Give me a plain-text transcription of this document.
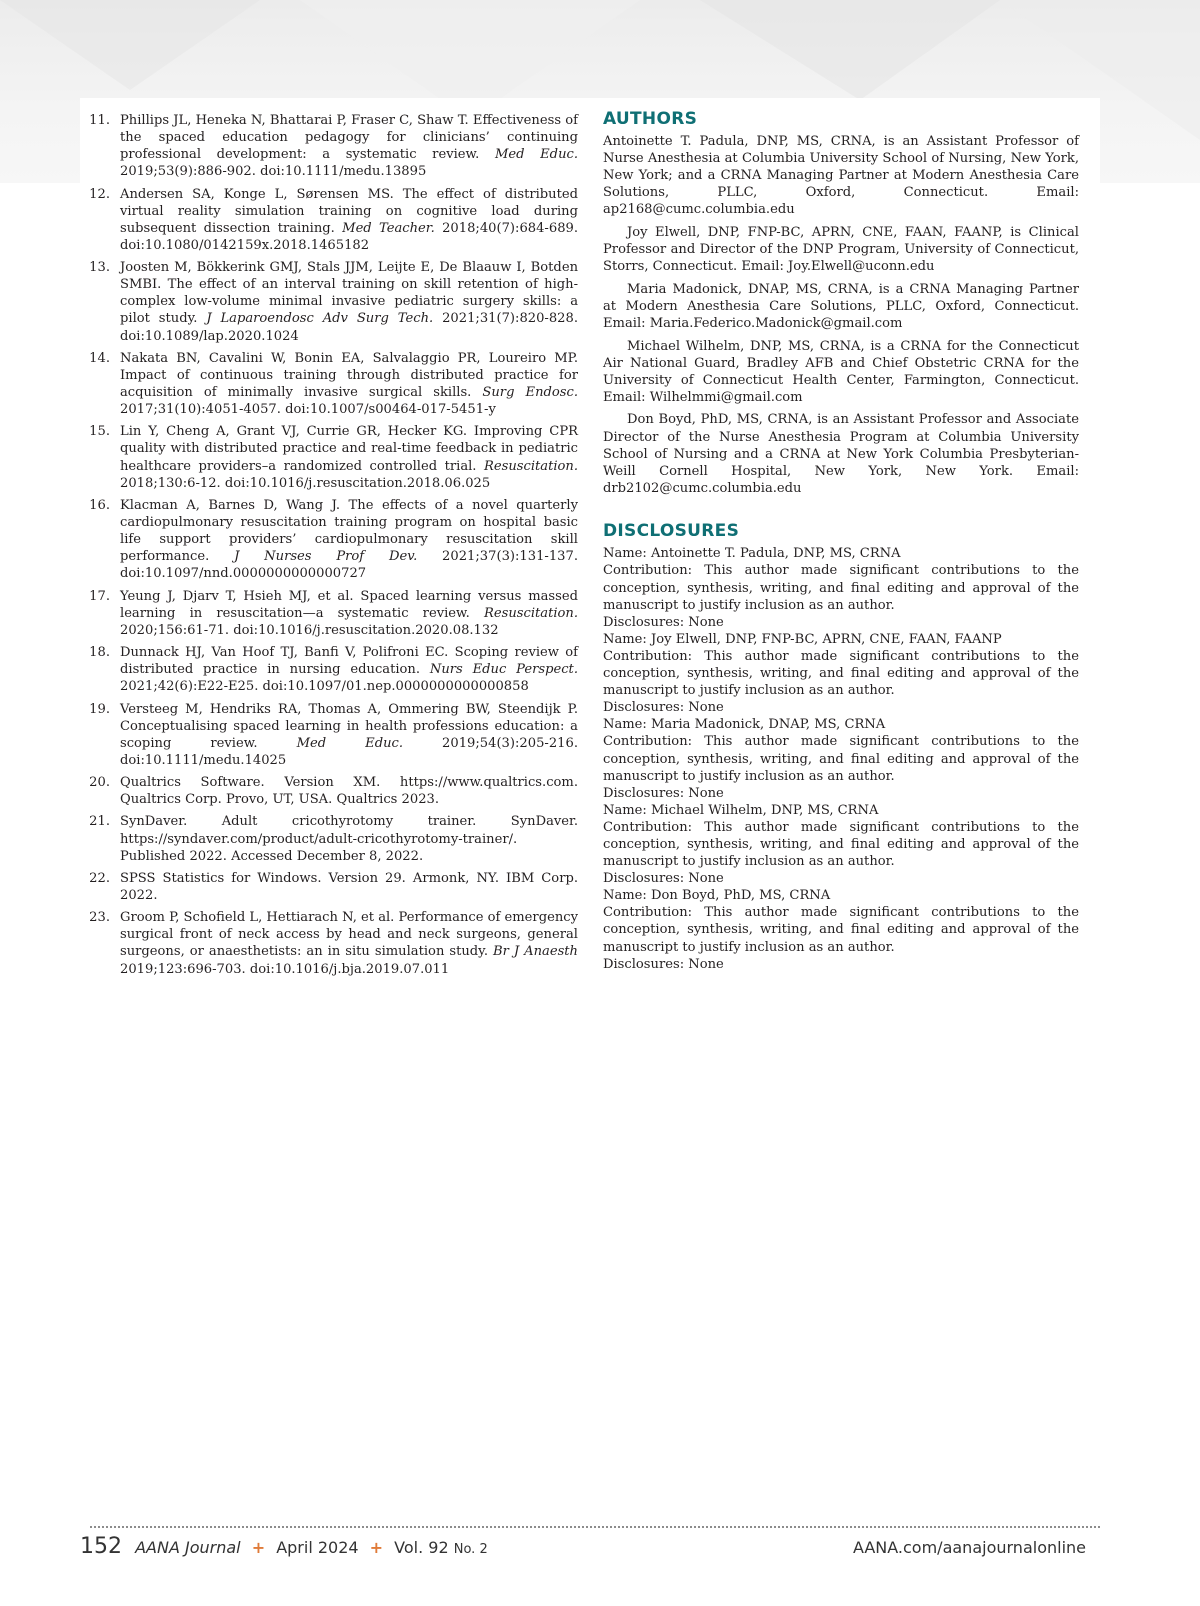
11. Phillips JL, Heneka N, Bhattarai P, Fraser C, Shaw T. Effectiveness of the spaced education pedagogy for clinicians’ continuing professional development: a systematic review. Med Educ. 2019;53(9):886-902. doi:10.1111/medu.13895
12. Andersen SA, Konge L, Sørensen MS. The effect of distributed virtual reality simulation training on cognitive load during subsequent dissection training. Med Teacher. 2018;40(7):684-689. doi:10.1080/0142159x.2018.1465182
13. Joosten M, Bökkerink GMJ, Stals JJM, Leijte E, De Blaauw I, Botden SMBI. The effect of an interval training on skill retention of high-complex low-volume minimal invasive pediatric surgery skills: a pilot study. J Laparoendosc Adv Surg Tech. 2021;31(7):820-828. doi:10.1089/lap.2020.1024
14. Nakata BN, Cavalini W, Bonin EA, Salvalaggio PR, Loureiro MP. Impact of continuous training through distributed practice for acquisition of minimally invasive surgical skills. Surg Endosc. 2017;31(10):4051-4057. doi:10.1007/s00464-017-5451-y
15. Lin Y, Cheng A, Grant VJ, Currie GR, Hecker KG. Improving CPR quality with distributed practice and real-time feedback in pediatric healthcare providers–a randomized controlled trial. Resuscitation. 2018;130:6-12. doi:10.1016/j.resuscitation.2018.06.025
16. Klacman A, Barnes D, Wang J. The effects of a novel quarterly cardiopulmonary resuscitation training program on hospital basic life support providers’ cardiopulmonary resuscitation skill performance. J Nurses Prof Dev. 2021;37(3):131-137. doi:10.1097/nnd.0000000000000727
17. Yeung J, Djarv T, Hsieh MJ, et al. Spaced learning versus massed learning in resuscitation—a systematic review. Resuscitation. 2020;156:61-71. doi:10.1016/j.resuscitation.2020.08.132
18. Dunnack HJ, Van Hoof TJ, Banfi V, Polifroni EC. Scoping review of distributed practice in nursing education. Nurs Educ Perspect. 2021;42(6):E22-E25. doi:10.1097/01.nep.0000000000000858
19. Versteeg M, Hendriks RA, Thomas A, Ommering BW, Steendijk P. Conceptualising spaced learning in health professions education: a scoping review. Med Educ. 2019;54(3):205-216. doi:10.1111/medu.14025
20. Qualtrics Software. Version XM. https://www.qualtrics.com. Qualtrics Corp. Provo, UT, USA. Qualtrics 2023.
21. SynDaver. Adult cricothyrotomy trainer. SynDaver. https://syndaver.com/product/adult-cricothyrotomy-trainer/. Published 2022. Accessed December 8, 2022.
22. SPSS Statistics for Windows. Version 29. Armonk, NY. IBM Corp. 2022.
23. Groom P, Schofield L, Hettiarach N, et al. Performance of emergency surgical front of neck access by head and neck surgeons, general surgeons, or anaesthetists: an in situ simulation study. Br J Anaesth 2019;123:696-703. doi:10.1016/j.bja.2019.07.011
AUTHORS

Antoinette T. Padula, DNP, MS, CRNA, is an Assistant Professor of Nurse Anesthesia at Columbia University School of Nursing, New York, New York; and a CRNA Managing Partner at Modern Anesthesia Care Solutions, PLLC, Oxford, Connecticut. Email: ap2168@cumc.columbia.edu

Joy Elwell, DNP, FNP-BC, APRN, CNE, FAAN, FAANP, is Clinical Professor and Director of the DNP Program, University of Connecticut, Storrs, Connecticut. Email: Joy.Elwell@uconn.edu

Maria Madonick, DNAP, MS, CRNA, is a CRNA Managing Partner at Modern Anesthesia Care Solutions, PLLC, Oxford, Connecticut. Email: Maria.Federico.Madonick@gmail.com

Michael Wilhelm, DNP, MS, CRNA, is a CRNA for the Connecticut Air National Guard, Bradley AFB and Chief Obstetric CRNA for the University of Connecticut Health Center, Farmington, Connecticut. Email: Wilhelmmi@gmail.com

Don Boyd, PhD, MS, CRNA, is an Assistant Professor and Associate Director of the Nurse Anesthesia Program at Columbia University School of Nursing and a CRNA at New York Columbia Presbyterian-Weill Cornell Hospital, New York, New York. Email: drb2102@cumc.columbia.edu

DISCLOSURES

Name: Antoinette T. Padula, DNP, MS, CRNA

Contribution: This author made significant contributions to the conception, synthesis, writing, and final editing and approval of the manuscript to justify inclusion as an author.

Disclosures: None

Name: Joy Elwell, DNP, FNP-BC, APRN, CNE, FAAN, FAANP

Contribution: This author made significant contributions to the conception, synthesis, writing, and final editing and approval of the manuscript to justify inclusion as an author.

Disclosures: None

Name: Maria Madonick, DNAP, MS, CRNA

Contribution: This author made significant contributions to the conception, synthesis, writing, and final editing and approval of the manuscript to justify inclusion as an author.

Disclosures: None

Name: Michael Wilhelm, DNP, MS, CRNA

Contribution: This author made significant contributions to the conception, synthesis, writing, and final editing and approval of the manuscript to justify inclusion as an author.

Disclosures: None

Name: Don Boyd, PhD, MS, CRNA

Contribution: This author made significant contributions to the conception, synthesis, writing, and final editing and approval of the manuscript to justify inclusion as an author.

Disclosures: None

152 AANA Journal + April 2024 + Vol. 92 No. 2	AANA.com/aanajournalonline
